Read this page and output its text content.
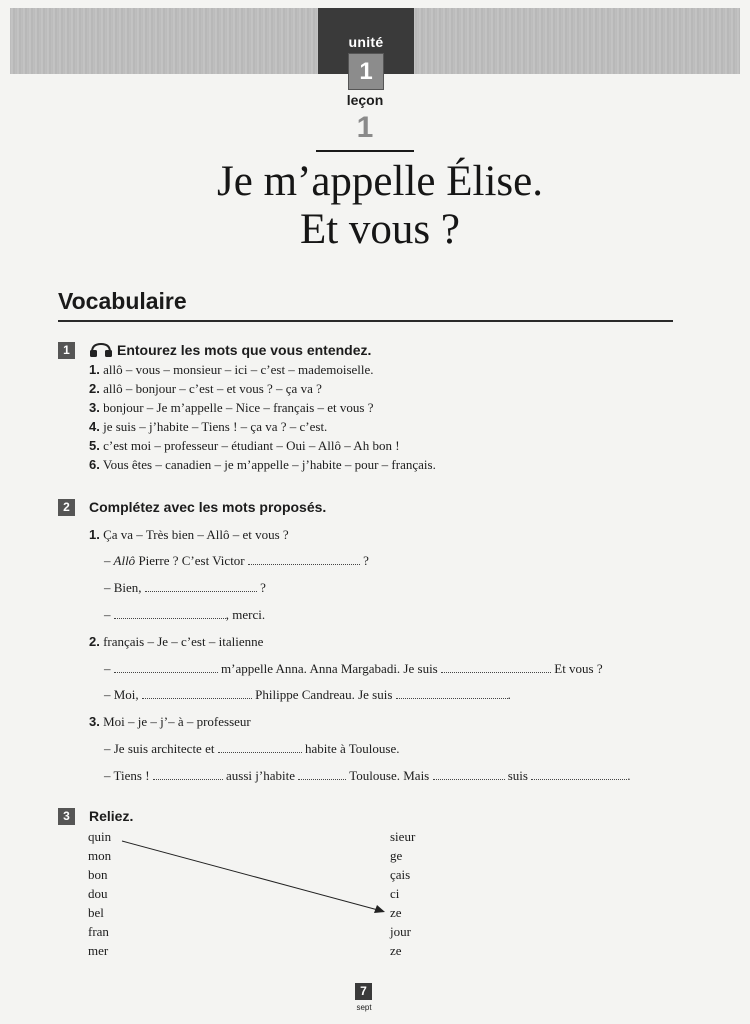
unité
1
leçon
1
Je m’appelle Élise.
Et vous ?
Vocabulaire
1	Entourez les mots que vous entendez.
1. allô – vous – monsieur – ici – c’est – mademoiselle.
2. allô – bonjour – c’est – et vous ? – ça va ?
3. bonjour – Je m’appelle – Nice – français – et vous ?
4. je suis – j’habite – Tiens ! – ça va ? – c’est.
5. c’est moi – professeur – étudiant – Oui – Allô – Ah bon !
6. Vous êtes – canadien – je m’appelle – j’habite – pour – français.
2	Complétez avec les mots proposés.
1. Ça va – Très bien – Allô – et vous ?
– Allô Pierre ? C’est Victor	?
– Bien,	?
–	, merci.
2. français – Je – c’est – italienne
–	m’appelle Anna. Anna Margabadi. Je suis	Et vous ?
– Moi,	Philippe Candreau. Je suis	.
3. Moi – je – j’– à – professeur
– Je suis architecte et	habite à Toulouse.
– Tiens !	aussi j’habite	Toulouse. Mais	suis	.
3	Reliez.
quin
mon
bon
dou
bel
fran
mer
sieur
ge
çais
ci
ze
jour
ze
7
sept
